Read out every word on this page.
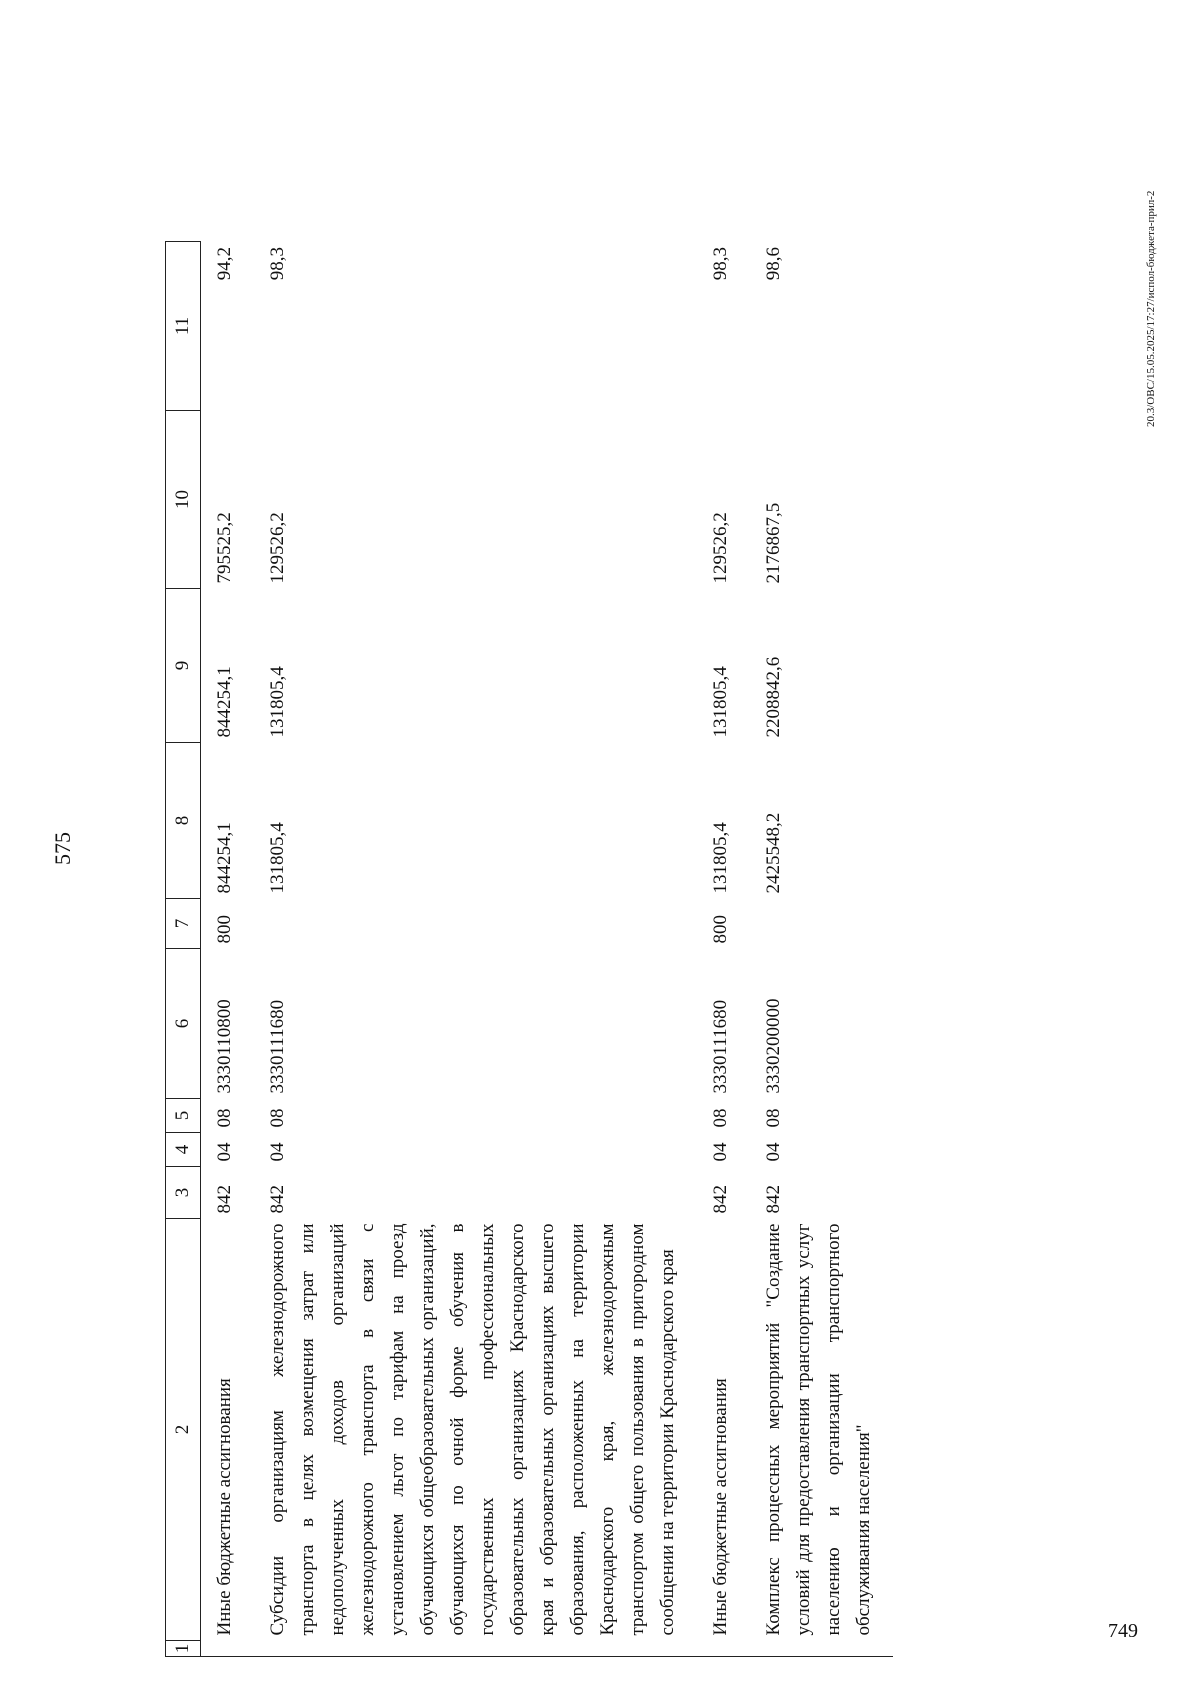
749
575
1	2	3	4	5	6	7	8	9	10	11
	Иные бюджетные ассигнования	842	04	08	3330110800	800	844254,1	844254,1	795525,2	94,2
	Субсидии организациям железнодорожного транспорта в целях возмещения затрат или недополученных доходов организаций железнодорожного транспорта в связи с установлением льгот по тарифам на проезд обучающихся общеобразовательных организаций, обучающихся по очной форме обучения в государственных профессиональных образовательных организациях Краснодарского края и образовательных организациях высшего образования, расположенных на территории Краснодарского края, железнодорожным транспортом общего пользования в пригородном сообщении на территории Краснодарского края	842	04	08	3330111680		131805,4	131805,4	129526,2	98,3
	Иные бюджетные ассигнования	842	04	08	3330111680	800	131805,4	131805,4	129526,2	98,3
	Комплекс процессных мероприятий "Создание условий для предоставления транспортных услуг населению и организации транспортного обслуживания населения"	842	04	08	3330200000		2425548,2	2208842,6	2176867,5	98,6	20.3/OBC/15.05.2025/17:27/испол-бюджета-прил-2
